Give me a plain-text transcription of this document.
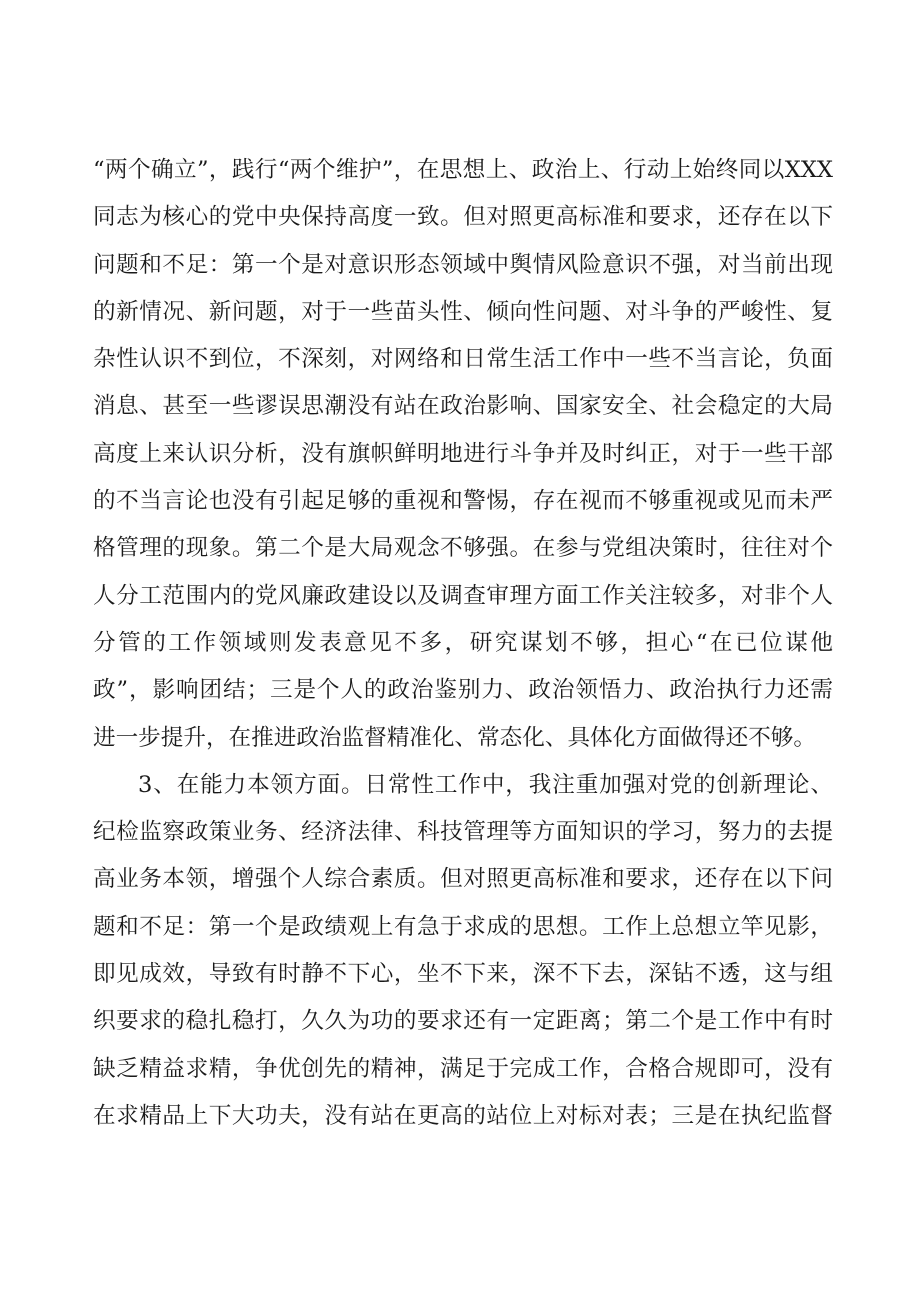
“两个确立”，践行“两个维护”，在思想上、政治上、行动上始终同以XXX
同志为核心的党中央保持高度一致。但对照更高标准和要求，还存在以下
问题和不足：第一个是对意识形态领域中舆情风险意识不强，对当前出现
的新情况、新问题，对于一些苗头性、倾向性问题、对斗争的严峻性、复
杂性认识不到位，不深刻，对网络和日常生活工作中一些不当言论，负面
消息、甚至一些谬误思潮没有站在政治影响、国家安全、社会稳定的大局
高度上来认识分析，没有旗帜鲜明地进行斗争并及时纠正，对于一些干部
的不当言论也没有引起足够的重视和警惕，存在视而不够重视或见而未严
格管理的现象。第二个是大局观念不够强。在参与党组决策时，往往对个
人分工范围内的党风廉政建设以及调查审理方面工作关注较多，对非个人
分管的工作领域则发表意见不多，研究谋划不够，担心“在已位谋他
政”，影响团结；三是个人的政治鉴别力、政治领悟力、政治执行力还需
进一步提升，在推进政治监督精准化、常态化、具体化方面做得还不够。
3、在能力本领方面。日常性工作中，我注重加强对党的创新理论、
纪检监察政策业务、经济法律、科技管理等方面知识的学习，努力的去提
高业务本领，增强个人综合素质。但对照更高标准和要求，还存在以下问
题和不足：第一个是政绩观上有急于求成的思想。工作上总想立竿见影，
即见成效，导致有时静不下心，坐不下来，深不下去，深钻不透，这与组
织要求的稳扎稳打，久久为功的要求还有一定距离；第二个是工作中有时
缺乏精益求精，争优创先的精神，满足于完成工作，合格合规即可，没有
在求精品上下大功夫，没有站在更高的站位上对标对表；三是在执纪监督
